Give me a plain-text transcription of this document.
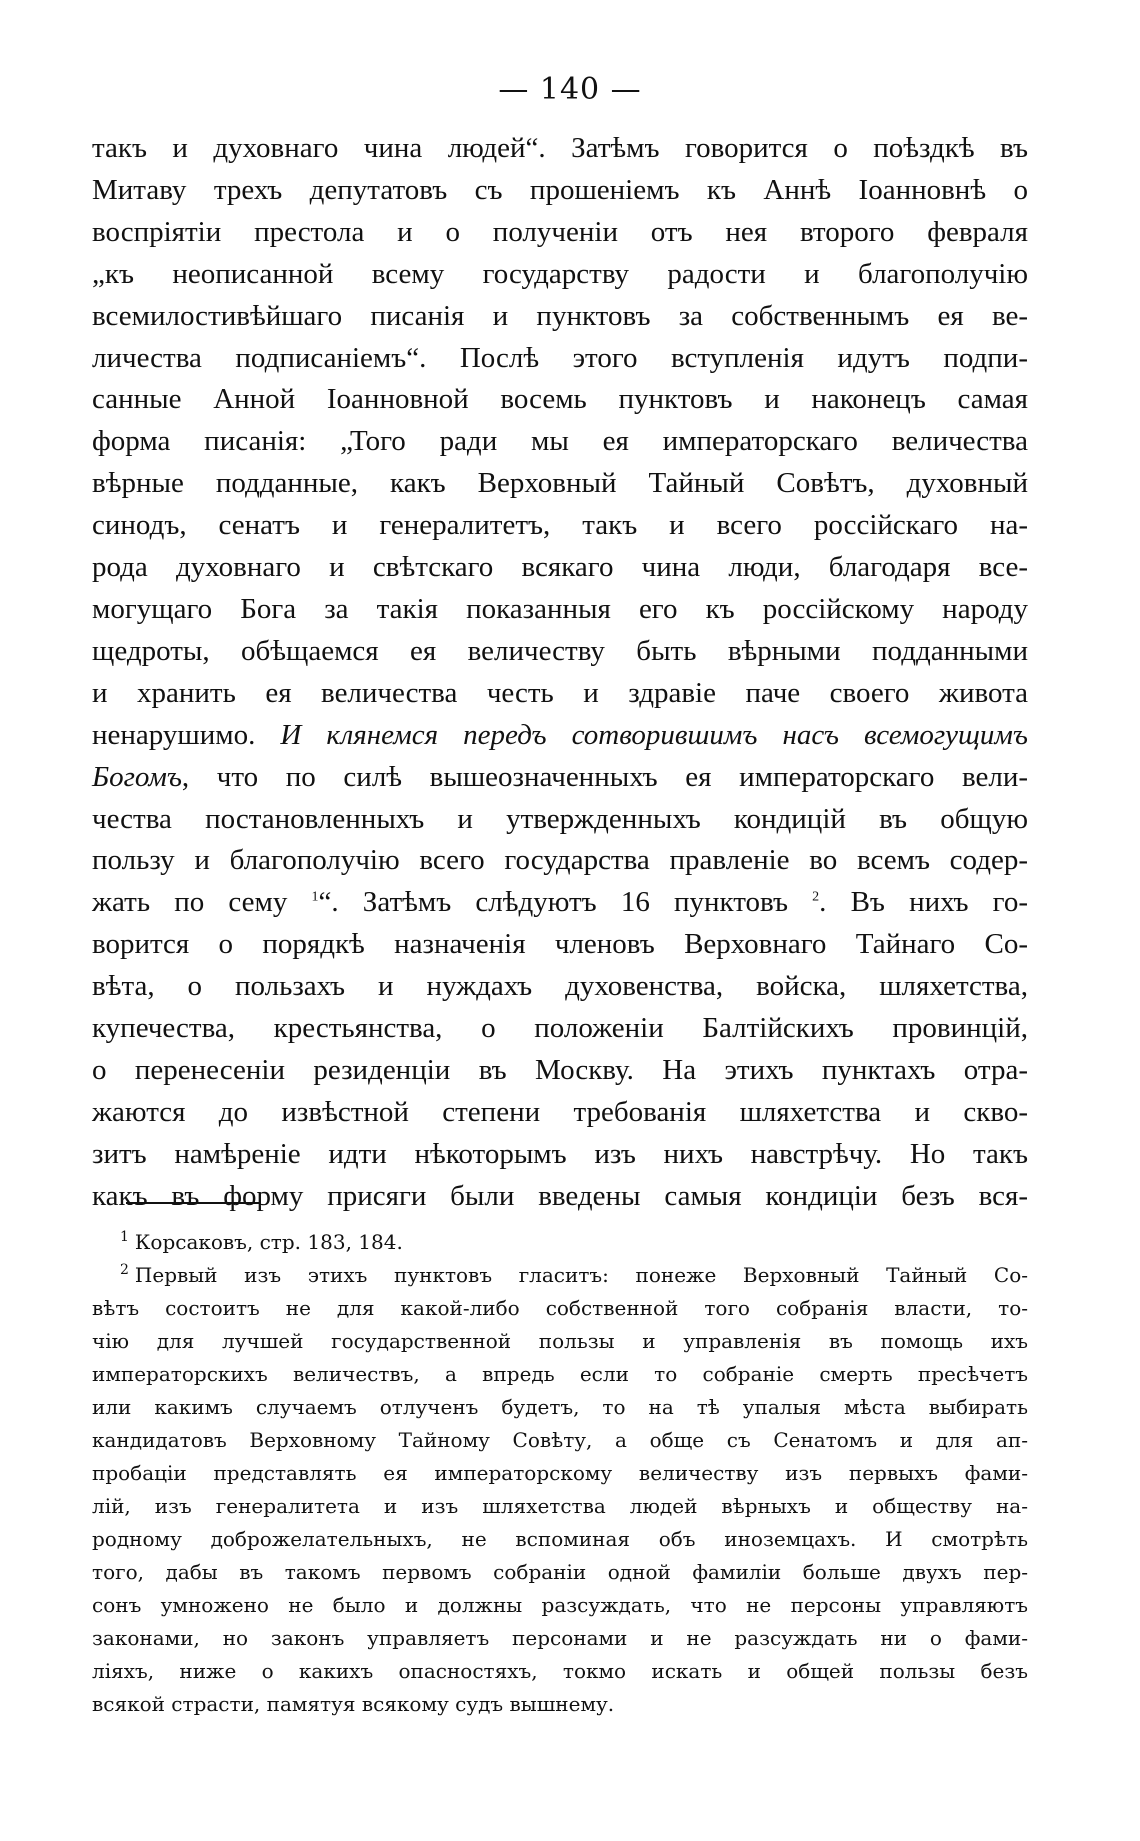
— 140 —
такъ и духовнаго чина людей“. Затѣмъ говорится о поѣздкѣ въ
Митаву трехъ депутатовъ съ прошеніемъ къ Аннѣ Іоанновнѣ о
воспріятіи престола и о полученіи отъ нея второго февраля
„къ неописанной всему государству радости и благополучію
всемилостивѣйшаго писанія и пунктовъ за собственнымъ ея ве-
личества подписаніемъ“. Послѣ этого вступленія идутъ подпи-
санные Анной Іоанновной восемь пунктовъ и наконецъ самая
форма писанія: „Того ради мы ея императорскаго величества
вѣрные подданные, какъ Верховный Тайный Совѣтъ, духовный
синодъ, сенатъ и генералитетъ, такъ и всего россійскаго на-
рода духовнаго и свѣтскаго всякаго чина люди, благодаря все-
могущаго Бога за такія показанныя его къ россійскому народу
щедроты, обѣщаемся ея величеству быть вѣрными подданными
и хранить ея величества честь и здравіе паче своего живота
ненарушимо. И клянемся передъ сотворившимъ насъ всемогущимъ
Богомъ, что по силѣ вышеозначенныхъ ея императорскаго вели-
чества постановленныхъ и утвержденныхъ кондицій въ общую
пользу и благополучію всего государства правленіе во всемъ содер-
жать по сему $^1$“. Затѣмъ слѣдуютъ 16 пунктовъ $^2$. Въ нихъ го-
ворится о порядкѣ назначенія членовъ Верховнаго Тайнаго Со-
вѣта, о пользахъ и нуждахъ духовенства, войска, шляхетства,
купечества, крестьянства, о положеніи Балтійскихъ провинцій,
о перенесеніи резиденціи въ Москву. На этихъ пунктахъ отра-
жаются до извѣстной степени требованія шляхетства и скво-
зитъ намѣреніе идти нѣкоторымъ изъ нихъ навстрѣчу. Но такъ
какъ въ форму присяги были введены самыя кондиціи безъ вся-
$^1$ Корсаковъ, стр. 183, 184.
$^2$ Первый изъ этихъ пунктовъ гласитъ: понеже Верховный Тайный Со-
вѣтъ состоитъ не для какой-либо собственной того собранія власти, то-
чію для лучшей государственной пользы и управленія въ помощь ихъ
императорскихъ величествъ, а впредь если то собраніе смерть пресѣчетъ
или какимъ случаемъ отлученъ будетъ, то на тѣ упалыя мѣста выбирать
кандидатовъ Верховному Тайному Совѣту, а обще съ Сенатомъ и для ап-
пробаціи представлять ея императорскому величеству изъ первыхъ фами-
лій, изъ генералитета и изъ шляхетства людей вѣрныхъ и обществу на-
родному доброжелательныхъ, не вспоминая объ иноземцахъ. И смотрѣть
того, дабы въ такомъ первомъ собраніи одной фамиліи больше двухъ пер-
сонъ умножено не было и должны разсуждать, что не персоны управляютъ
законами, но законъ управляетъ персонами и не разсуждать ни о фами-
ліяхъ, ниже о какихъ опасностяхъ, токмо искать и общей пользы безъ
всякой страсти, памятуя всякому судъ вышнему.
